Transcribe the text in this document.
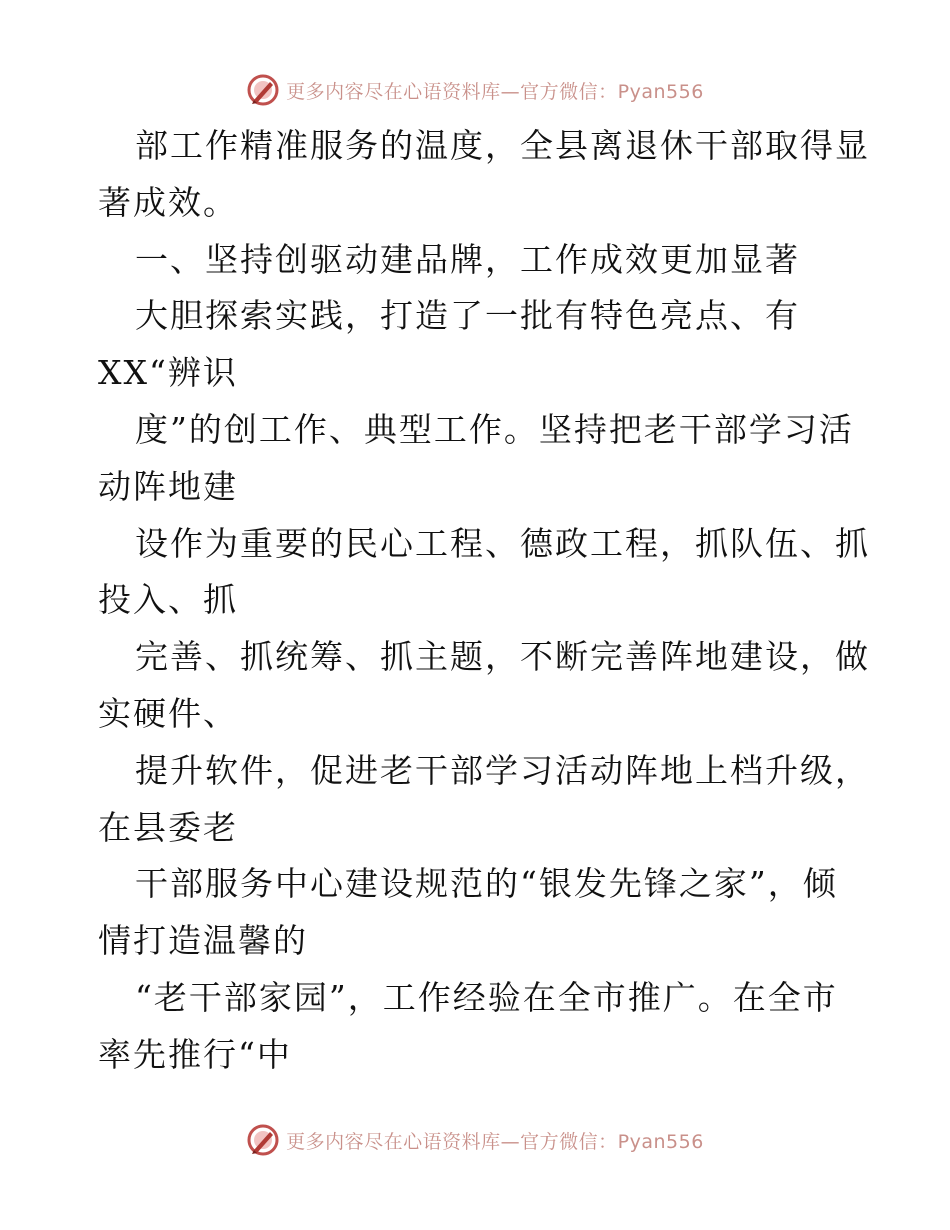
更多内容尽在心语资料库—官方微信：Pyan556
部工作精准服务的温度，全县离退休干部取得显
著成效。
一、坚持创驱动建品牌，工作成效更加显著
大胆探索实践，打造了一批有特色亮点、有
XX“辨识
度”的创工作、典型工作。坚持把老干部学习活
动阵地建
设作为重要的民心工程、德政工程，抓队伍、抓
投入、抓
完善、抓统筹、抓主题，不断完善阵地建设，做
实硬件、
提升软件，促进老干部学习活动阵地上档升级，
在县委老
干部服务中心建设规范的“银发先锋之家”，倾
情打造温馨的
“老干部家园”，工作经验在全市推广。在全市
率先推行“中
更多内容尽在心语资料库—官方微信：Pyan556
